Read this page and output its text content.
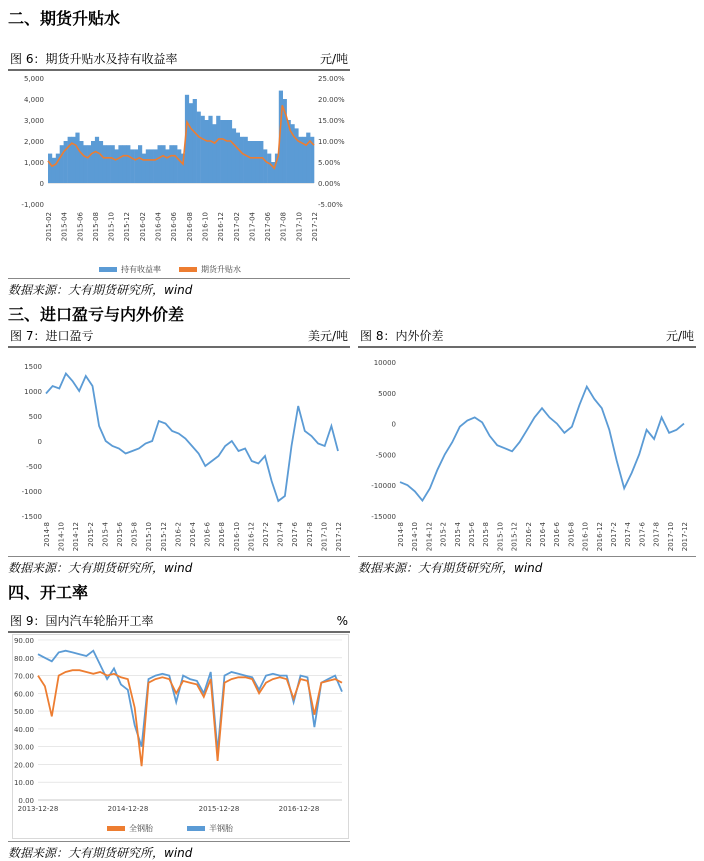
二、期货升贴水
图 6：期货升贴水及持有收益率	元/吨
5,000
4,000
3,000
2,000
1,000
0
-1,000
25.00%
20.00%
15.00%
10.00%
5.00%
0.00%
-5.00%
2015-02 2015-04 2015-06 2015-08 2015-10 2015-12 2016-02 2016-04 2016-06 2016-08 2016-10 2016-12 2017-02 2017-04 2017-06 2017-08 2017-10 2017-12
持有收益率	期货升贴水
数据来源：大有期货研究所，wind
三、进口盈亏与内外价差
图 7：进口盈亏	美元/吨
1500
1000
500
0
-500
-1000
-1500
2014-8 2014-10 2014-12 2015-2 2015-4 2015-6 2015-8 2015-10 2015-12 2016-2 2016-4 2016-6 2016-8 2016-10 2016-12 2017-2 2017-4 2017-6 2017-8 2017-10 2017-12
数据来源：大有期货研究所，wind
图 8：内外价差	元/吨
10000
5000
0
-5000
-10000
-15000
2014-8 2014-10 2014-12 2015-2 2015-4 2015-6 2015-8 2015-10 2015-12 2016-2 2016-4 2016-6 2016-8 2016-10 2016-12 2017-2 2017-4 2017-6 2017-8 2017-10 2017-12
数据来源：大有期货研究所，wind
四、开工率
图 9：国内汽车轮胎开工率	%
90.00
80.00
70.00
60.00
50.00
40.00
30.00
20.00
10.00
0.00
2013-12-28	2014-12-28	2015-12-28	2016-12-28
全钢胎	半钢胎
数据来源：大有期货研究所，wind
